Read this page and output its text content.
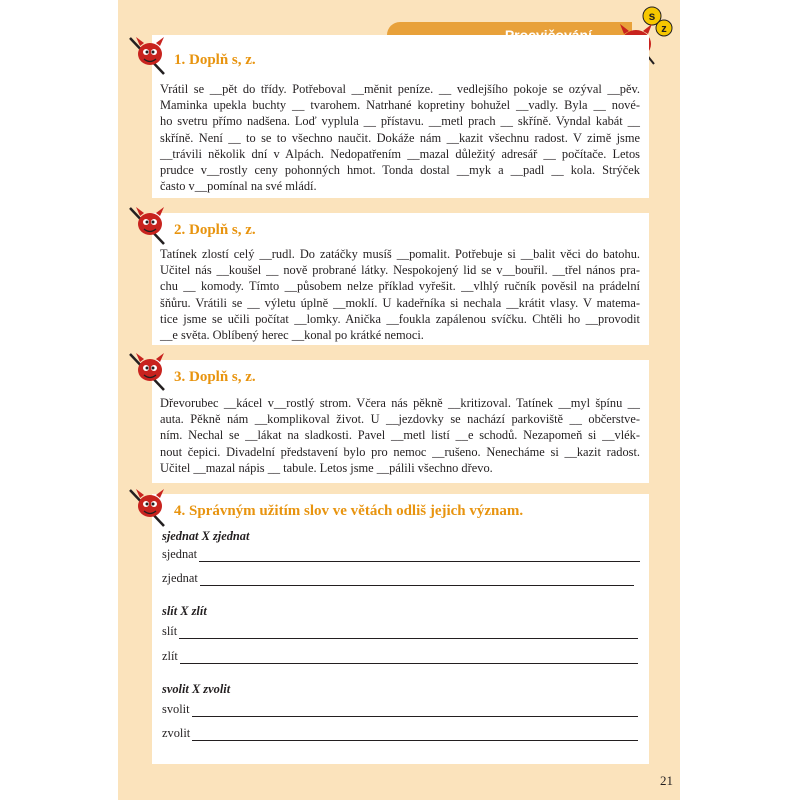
s
z
1. Doplň s, z.
Vrátil se __pět do třídy. Potřeboval __měnit peníze. __ vedlejšího pokoje se ozýval __pěv.
Maminka upekla buchty __ tvarohem. Natrhané kopretiny bohužel __vadly. Byla __ nové-
ho svetru přímo nadšena. Loď vyplula __ přístavu. __metl prach __ skříně. Vyndal kabát __
skříně. Není __ to se to všechno naučit. Dokáže nám __kazit všechnu radost. V zimě jsme
__trávili několik dní v Alpách. Nedopatřením __mazal důležitý adresář __ počítače. Letos
prudce v__rostly ceny pohonných hmot. Tonda dostal __myk a __padl __ kola. Strýček
často v__pomínal na své mládí.
2. Doplň s, z.
Tatínek zlostí celý __rudl. Do zatáčky musíš __pomalit. Potřebuje si __balit věci do batohu.
Učitel nás __koušel __ nově probrané látky. Nespokojený lid se v__bouřil. __třel nános pra-
chu __ komody. Tímto __působem nelze příklad vyřešit. __vlhlý ručník pověsil na prádelní
šňůru. Vrátili se __ výletu úplně __moklí. U kadeřníka si nechala __krátit vlasy. V matema-
tice jsme se učili počítat __lomky. Anička __foukla zapálenou svíčku. Chtěli ho __provodit
__e světa. Oblíbený herec __konal po krátké nemoci.
3. Doplň s, z.
Dřevorubec __kácel v__rostlý strom. Včera nás pěkně __kritizoval. Tatínek __myl špínu __
auta. Pěkně nám __komplikoval život. U __jezdovky se nachází parkoviště __ občerstve-
ním. Nechal se __lákat na sladkosti. Pavel __metl listí __e schodů. Nezapomeň si __vlék-
nout čepici. Divadelní představení bylo pro nemoc __rušeno. Nenecháme si __kazit radost.
Učitel __mazal nápis __ tabule. Letos jsme __pálili všechno dřevo.
4. Správným užitím slov ve větách odliš jejich význam.
sjednat X zjednat
sjednat
zjednat
slít X zlít
slít
zlít
svolit X zvolit
svolit
zvolit
21
